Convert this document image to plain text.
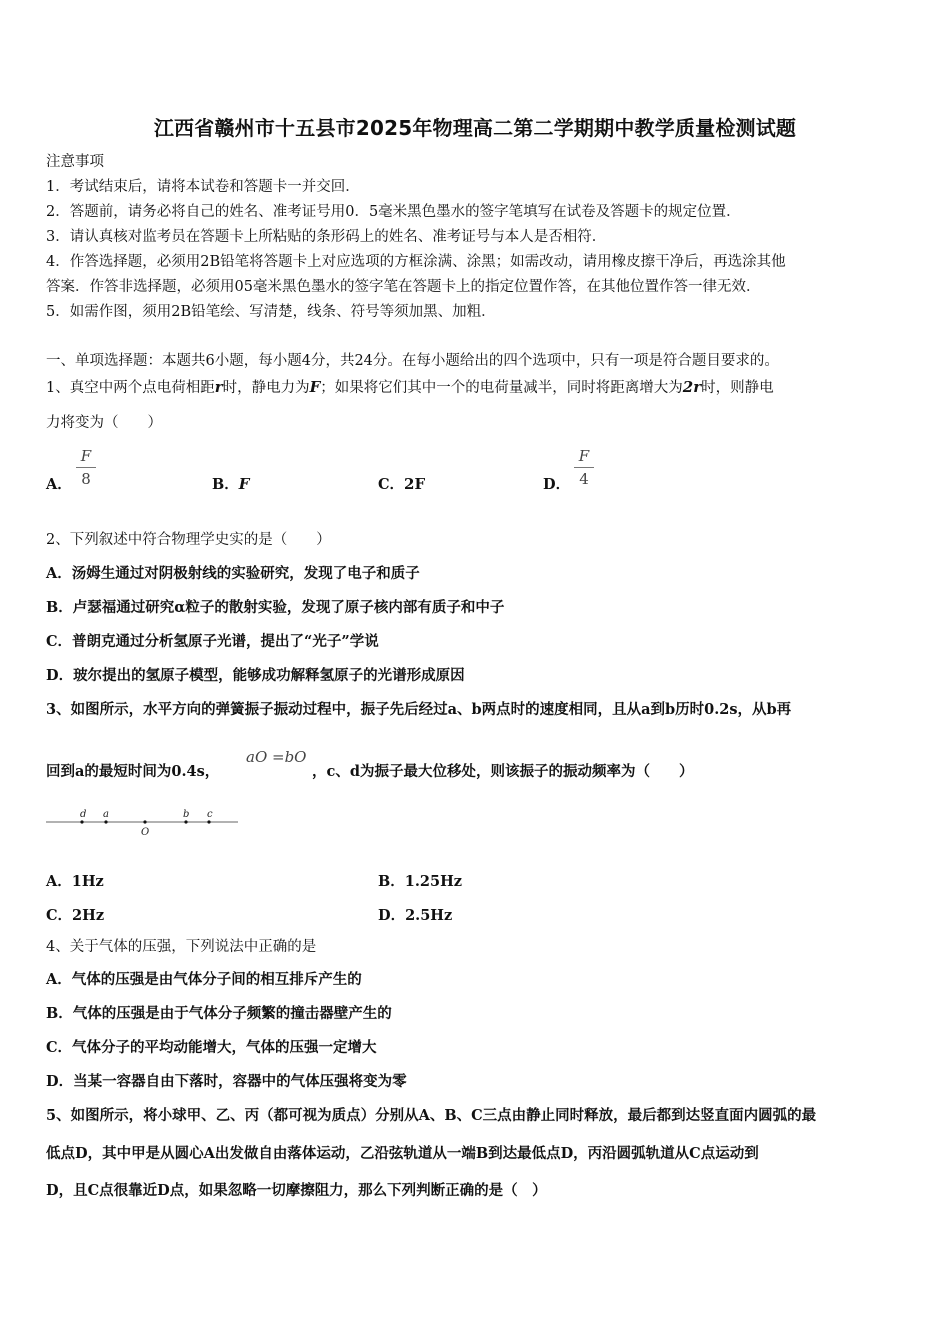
江西省赣州市十五县市2025年物理高二第二学期期中教学质量检测试题
注意事项
1．考试结束后，请将本试卷和答题卡一并交回．
2．答题前，请务必将自己的姓名、准考证号用0．5毫米黑色墨水的签字笔填写在试卷及答题卡的规定位置．
3．请认真核对监考员在答题卡上所粘贴的条形码上的姓名、准考证号与本人是否相符．
4．作答选择题，必须用2B铅笔将答题卡上对应选项的方框涂满、涂黑；如需改动，请用橡皮擦干净后，再选涂其他
答案．作答非选择题，必须用05毫米黑色墨水的签字笔在答题卡上的指定位置作答，在其他位置作答一律无效．
5．如需作图，须用2B铅笔绘、写清楚，线条、符号等须加黑、加粗．
一、单项选择题：本题共6小题，每小题4分，共24分。在每小题给出的四个选项中，只有一项是符合题目要求的。
1、真空中两个点电荷相距r时，静电力为F；如果将它们其中一个的电荷量减半，同时将距离增大为2r时，则静电
力将变为（　　）
A．
F
8	B．F	C．2F	D．
F
4
2、下列叙述中符合物理学史实的是（　　）
A．汤姆生通过对阴极射线的实验研究，发现了电子和质子
B．卢瑟福通过研究α粒子的散射实验，发现了原子核内部有质子和中子
C．普朗克通过分析氢原子光谱，提出了“光子”学说
D．玻尔提出的氢原子模型，能够成功解释氢原子的光谱形成原因
3、如图所示，水平方向的弹簧振子振动过程中，振子先后经过a、b两点时的速度相同，且从a到b历时0.2s，从b再
回到a的最短时间为0.4s，
aO =bO
，c、d为振子最大位移处，则该振子的振动频率为（　　）
d a
O
b c
A．1Hz	B．1.25Hz
C．2Hz	D．2.5Hz
4、关于气体的压强，下列说法中正确的是
A．气体的压强是由气体分子间的相互排斥产生的
B．气体的压强是由于气体分子频繁的撞击器壁产生的
C．气体分子的平均动能增大，气体的压强一定增大
D．当某一容器自由下落时，容器中的气体压强将变为零
5、如图所示，将小球甲、乙、丙（都可视为质点）分别从A、B、C三点由静止同时释放，最后都到达竖直面内圆弧的最
低点D，其中甲是从圆心A出发做自由落体运动，乙沿弦轨道从一端B到达最低点D，丙沿圆弧轨道从C点运动到
D，且C点很靠近D点，如果忽略一切摩擦阻力，那么下列判断正确的是（　）
